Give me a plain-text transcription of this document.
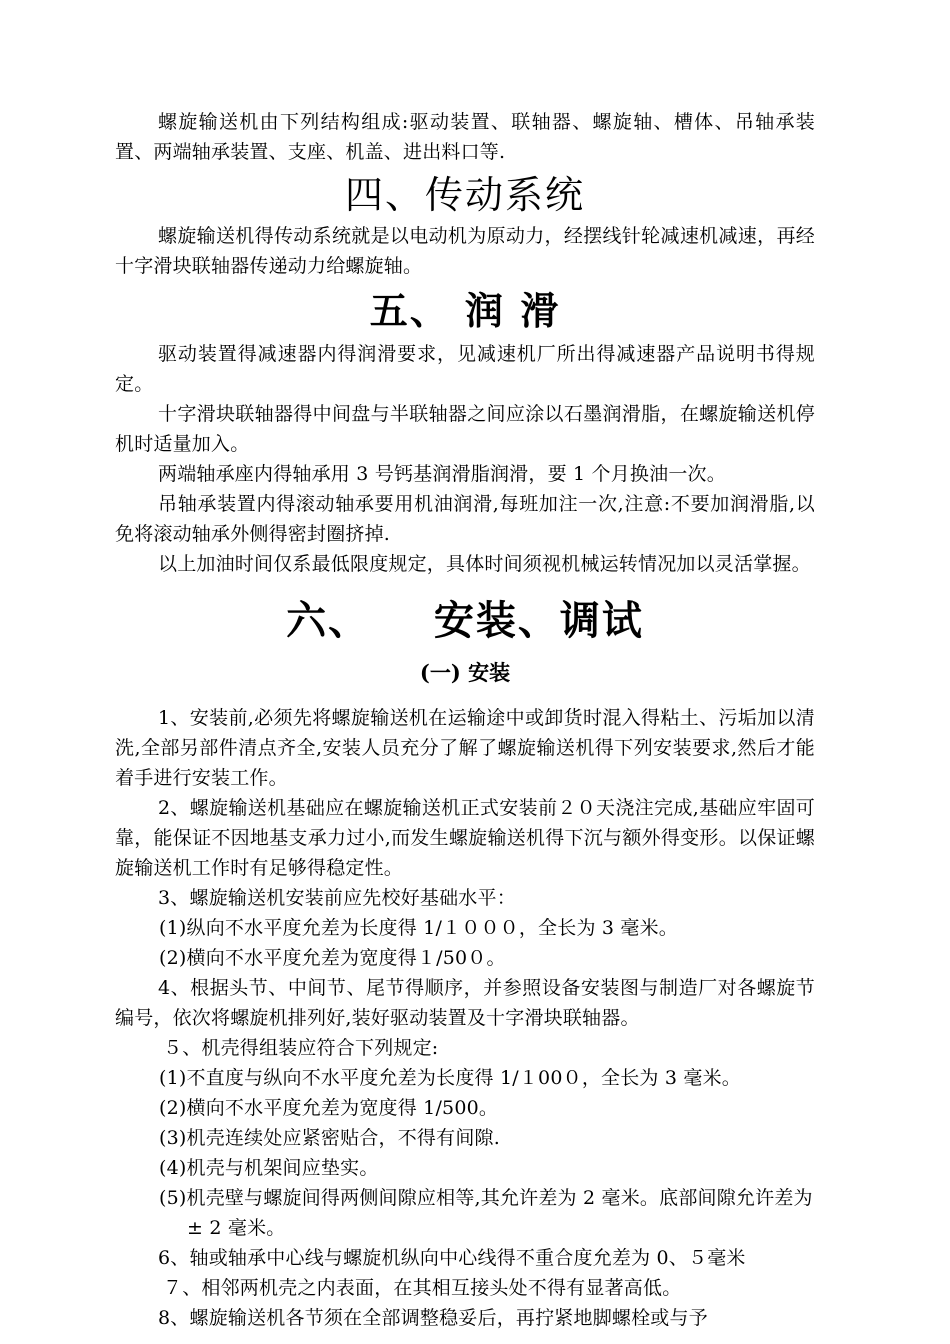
螺旋输送机由下列结构组成:驱动装置、联轴器、螺旋轴、槽体、吊轴承装置、两端轴承装置、支座、机盖、进出料口等.

四、传动系统

螺旋输送机得传动系统就是以电动机为原动力，经摆线针轮减速机减速，再经十字滑块联轴器传递动力给螺旋轴。

五、 润 滑

驱动装置得减速器内得润滑要求，见减速机厂所出得减速器产品说明书得规定。

十字滑块联轴器得中间盘与半联轴器之间应涂以石墨润滑脂，在螺旋输送机停机时适量加入。

两端轴承座内得轴承用 3 号钙基润滑脂润滑，要 1 个月换油一次。

吊轴承装置内得滚动轴承要用机油润滑,每班加注一次,注意:不要加润滑脂,以免将滚动轴承外侧得密封圈挤掉.

以上加油时间仅系最低限度规定，具体时间须视机械运转情况加以灵活掌握。

六、    安装、调试
(一) 安装

1、安装前,必须先将螺旋输送机在运输途中或卸货时混入得粘土、污垢加以清洗,全部另部件清点齐全,安装人员充分了解了螺旋输送机得下列安装要求,然后才能着手进行安装工作。

2、螺旋输送机基础应在螺旋输送机正式安装前２０天浇注完成,基础应牢固可靠，能保证不因地基支承力过小,而发生螺旋输送机得下沉与额外得变形。以保证螺旋输送机工作时有足够得稳定性。

3、螺旋输送机安装前应先校好基础水平：

(1)纵向不水平度允差为长度得 1/１０００，全长为 3 毫米。

(2)横向不水平度允差为宽度得１/50０。

4、根据头节、中间节、尾节得顺序，并参照设备安装图与制造厂对各螺旋节编号，依次将螺旋机排列好,装好驱动装置及十字滑块联轴器。

５、机壳得组装应符合下列规定:

(1)不直度与纵向不水平度允差为长度得 1/１00０，全长为 3 毫米。

(2)横向不水平度允差为宽度得 1/500。

(3)机壳连续处应紧密贴合，不得有间隙.

(4)机壳与机架间应垫实。

(5)机壳壁与螺旋间得两侧间隙应相等,其允许差为 2 毫米。底部间隙允许差为± 2 毫米。

6、轴或轴承中心线与螺旋机纵向中心线得不重合度允差为 0、５毫米

７、相邻两机壳之内表面，在其相互接头处不得有显著高低。

8、螺旋输送机各节须在全部调整稳妥后，再拧紧地脚螺栓或与予
